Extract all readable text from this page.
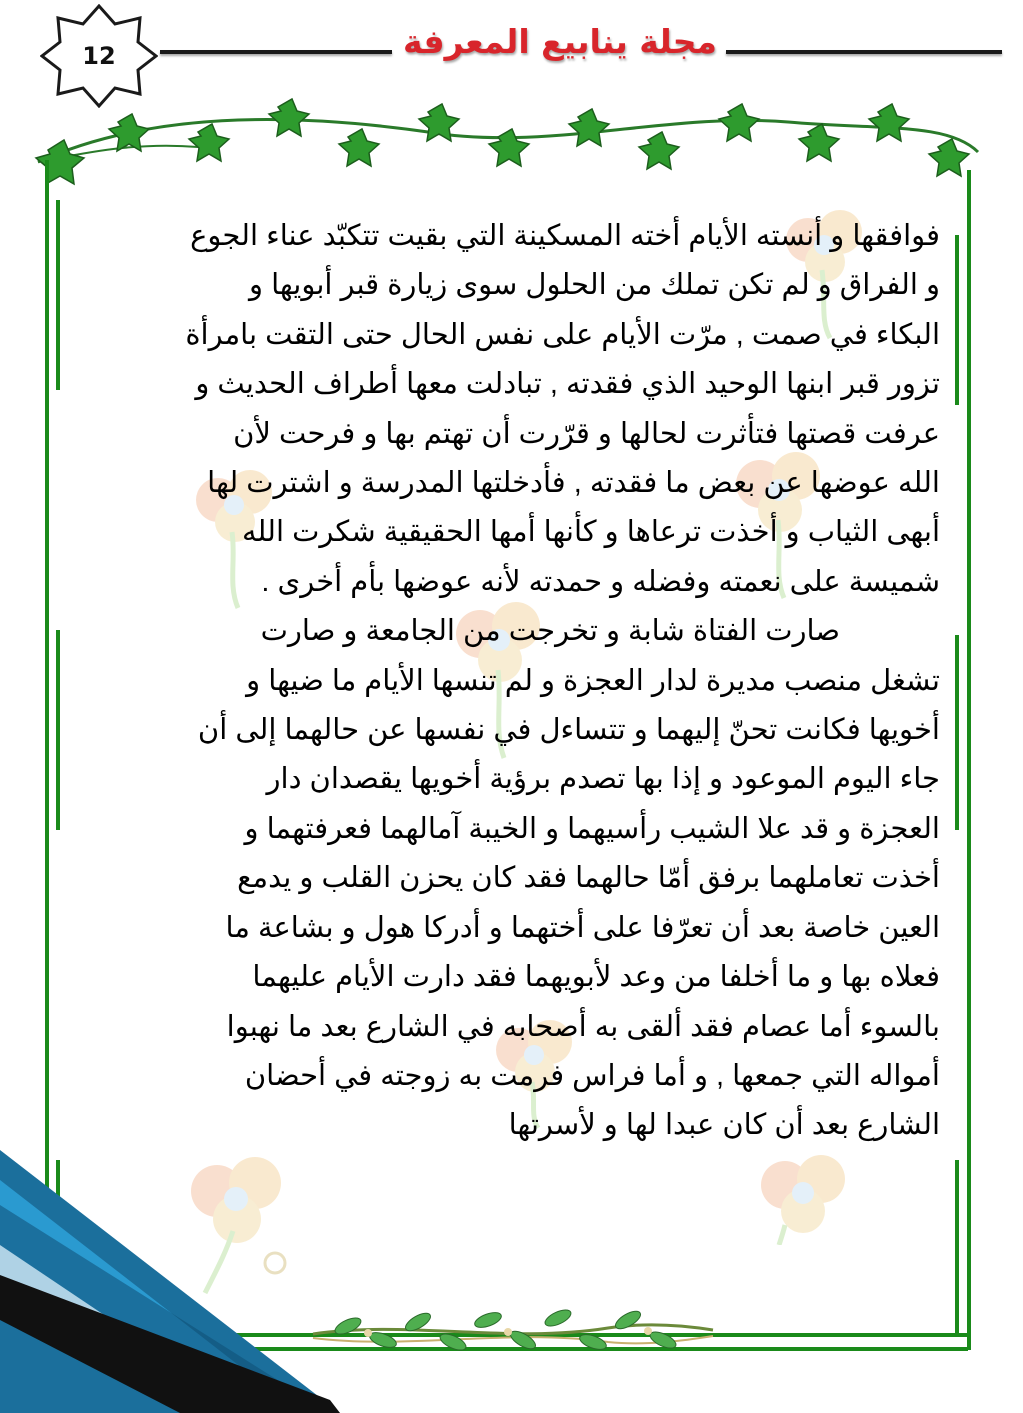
12	مجلة ينابيع المعرفة
فوافقها و أنسته الأيام أخته المسكينة التي بقيت تتكبّد عناء الجوع
و الفراق و لم تكن تملك من الحلول سوى زيارة قبر أبويها و
البكاء في صمت , مرّت الأيام على نفس الحال حتى التقت بامرأة
تزور قبر ابنها الوحيد الذي فقدته , تبادلت معها أطراف الحديث و
عرفت قصتها فتأثرت لحالها و قرّرت أن تهتم بها و فرحت لأن
الله عوضها عن بعض ما فقدته , فأدخلتها المدرسة و اشترت لها
أبهى الثياب و أخذت ترعاها و كأنها أمها الحقيقية شكرت الله
شميسة على نعمته وفضله و حمدته لأنه عوضها بأم أخرى .
صارت الفتاة شابة و تخرجت من الجامعة و صارت
تشغل منصب مديرة لدار العجزة و لم تنسها الأيام ما ضيها و
أخويها فكانت تحنّ إليهما و تتساءل في نفسها عن حالهما إلى أن
جاء اليوم الموعود و إذا بها تصدم برؤية أخويها يقصدان دار
العجزة و قد علا الشيب رأسيهما و الخيبة آمالهما فعرفتهما و
أخذت تعاملهما برفق أمّا حالهما فقد كان يحزن القلب و يدمع
العين خاصة بعد أن تعرّفا على أختهما و أدركا هول و بشاعة ما
فعلاه بها و ما أخلفا من وعد لأبويهما فقد دارت الأيام عليهما
بالسوء أما عصام فقد ألقى به أصحابه في الشارع بعد ما نهبوا
أمواله التي جمعها , و أما فراس فرمت به زوجته في أحضان
الشارع بعد أن كان عبدا لها و لأسرتها
